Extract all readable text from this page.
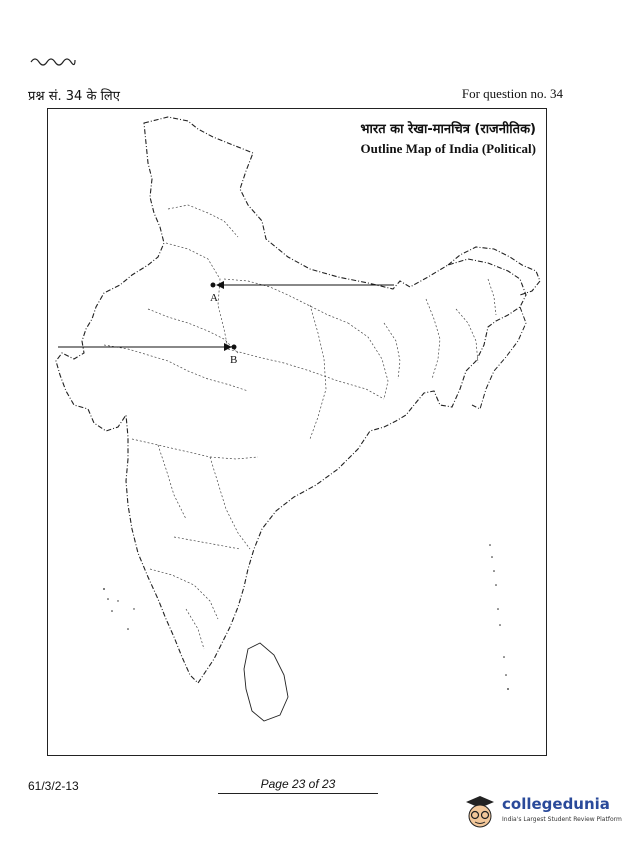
प्रश्न सं. 34 के लिए	For question no. 34
भारत का रेखा-मानचित्र (राजनीतिक)
Outline Map of India (Political)
A
B
61/3/2-13	Page 23 of 23
collegedunia
India's Largest Student Review Platform
